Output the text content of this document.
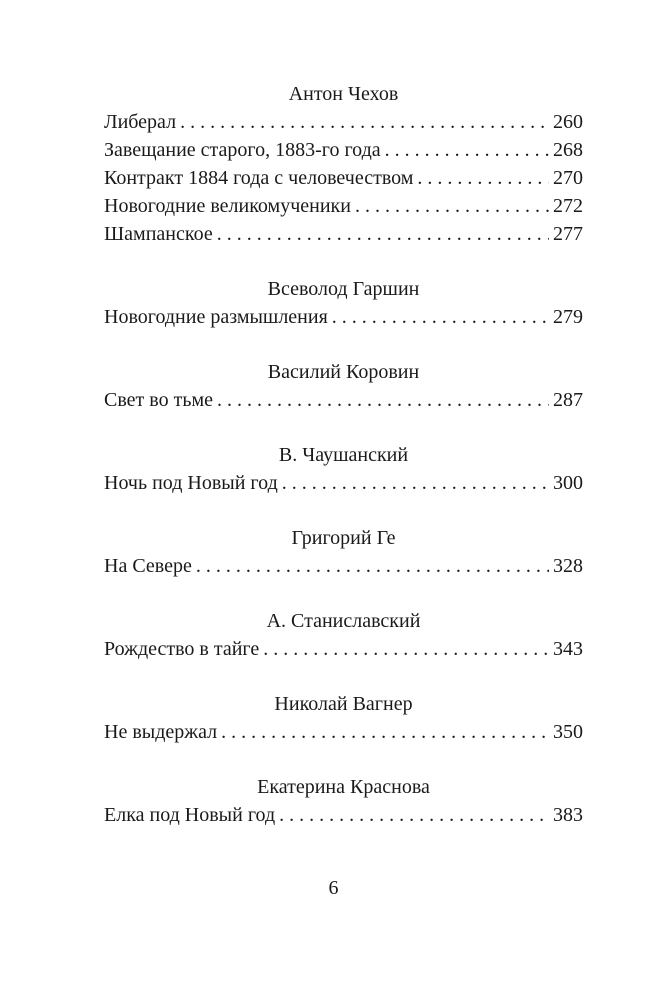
Антон Чехов
Либерал . . .	260
Завещание старого, 1883-го года . . .	268
Контракт 1884 года с человечеством . . .	270
Новогодние великомученики . . .	272
Шампанское . . .	277
Всеволод Гаршин
Новогодние размышления . . .	279
Василий Коровин
Свет во тьме . . .	287
В. Чаушанский
Ночь под Новый год . . .	300
Григорий Ге
На Севере . . .	328
А. Станиславский
Рождество в тайге . . .	343
Николай Вагнер
Не выдержал . . .	350
Екатерина Краснова
Елка под Новый год . . .	383
6
